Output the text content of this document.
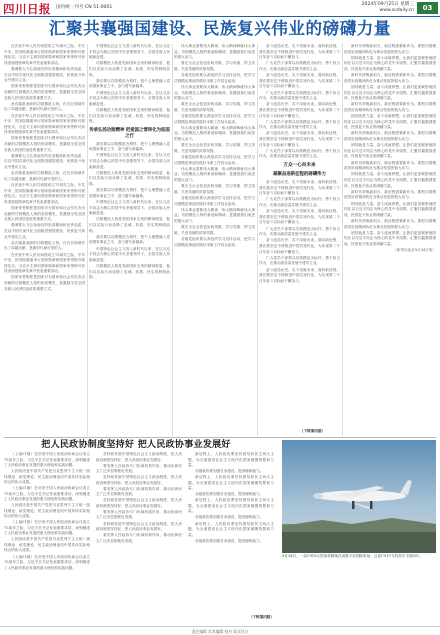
四川日报 国内统一刊号 CN 51-0001
2024年09月25日 星期三
www.scdaily.cn	03
汇聚共襄强国建设、民族复兴伟业的磅礴力量

在庆祝中华人民共和国成立75周年之际，中共中央、国务院隆重举行国家勋章和国家荣誉称号颁授仪式。习近平主席向国家勋章和国家荣誉称号获得者颁授勋章奖章并发表重要讲话。

强调要大力弘扬他们的崇高精神和优秀品质，在以中国式现代化全面推进强国建设、民族复兴伟业中建功立业。

国家荣誉制度是国家对为国家和社会作出杰出贡献的功勋模范人物的崇高褒奖，是激励全党全国各族人民团结奋进的重要方式。

此次隆重表彰的功勋模范人物，在各自领域作出了卓越贡献，是新时代最可爱的人。

在庆祝中华人民共和国成立75周年之际，中共中央、国务院隆重举行国家勋章和国家荣誉称号颁授仪式。习近平主席向国家勋章和国家荣誉称号获得者颁授勋章奖章并发表重要讲话。

国家荣誉制度是国家对为国家和社会作出杰出贡献的功勋模范人物的崇高褒奖，是激励全党全国各族人民团结奋进的重要方式。

强调要大力弘扬他们的崇高精神和优秀品质，在以中国式现代化全面推进强国建设、民族复兴伟业中建功立业。

此次隆重表彰的功勋模范人物，在各自领域作出了卓越贡献，是新时代最可爱的人。

在庆祝中华人民共和国成立75周年之际，中共中央、国务院隆重举行国家勋章和国家荣誉称号颁授仪式。习近平主席向国家勋章和国家荣誉称号获得者颁授勋章奖章并发表重要讲话。

国家荣誉制度是国家对为国家和社会作出杰出贡献的功勋模范人物的崇高褒奖，是激励全党全国各族人民团结奋进的重要方式。

强调要大力弘扬他们的崇高精神和优秀品质，在以中国式现代化全面推进强国建设、民族复兴伟业中建功立业。

此次隆重表彰的功勋模范人物，在各自领域作出了卓越贡献，是新时代最可爱的人。

在庆祝中华人民共和国成立75周年之际，中共中央、国务院隆重举行国家勋章和国家荣誉称号颁授仪式。习近平主席向国家勋章和国家荣誉称号获得者颁授勋章奖章并发表重要讲话。

国家荣誉制度是国家对为国家和社会作出杰出贡献的功勋模范人物的崇高褒奖，是激励全党全国各族人民团结奋进的重要方式。

中国特色社会主义进入新时代以来，在以习近平同志为核心的党中央坚强领导下，全国各族人民砥砺奋进。

功勋模范人物是党和国家宝贵的精神财富，他们以实际行动诠释了忠诚、执着、朴实的鲜明品格。

我们要以功勋模范为榜样，把个人理想融入党和国家事业之中，奋力谱写新篇章。

中国特色社会主义进入新时代以来，在以习近平同志为核心的党中央坚强领导下，全国各族人民砥砺奋进。

功勋模范人物是党和国家宝贵的精神财富，他们以实际行动诠释了忠诚、执着、朴实的鲜明品格。

传承弘扬功勋精神 把爱国之情转化为报国之行

我们要以功勋模范为榜样，把个人理想融入党和国家事业之中，奋力谱写新篇章。

中国特色社会主义进入新时代以来，在以习近平同志为核心的党中央坚强领导下，全国各族人民砥砺奋进。

功勋模范人物是党和国家宝贵的精神财富，他们以实际行动诠释了忠诚、执着、朴实的鲜明品格。

我们要以功勋模范为榜样，把个人理想融入党和国家事业之中，奋力谱写新篇章。

中国特色社会主义进入新时代以来，在以习近平同志为核心的党中央坚强领导下，全国各族人民砥砺奋进。

功勋模范人物是党和国家宝贵的精神财富，他们以实际行动诠释了忠诚、执着、朴实的鲜明品格。

我们要以功勋模范为榜样，把个人理想融入党和国家事业之中，奋力谱写新篇章。

中国特色社会主义进入新时代以来，在以习近平同志为核心的党中央坚强领导下，全国各族人民砥砺奋进。

功勋模范人物是党和国家宝贵的精神财富，他们以实际行动诠释了忠诚、执着、朴实的鲜明品格。

伟大事业需要伟大精神，伟大精神铸就伟大事业。功勋模范人物的事迹和精神，是激励我们前进的强大动力。

要在全社会营造崇尚英雄、学习英雄、捍卫英雄、关爱英雄的浓厚氛围。

各级党组织要认真组织学习宣传活动，把学习功勋模范事迹同做好本职工作结合起来。

伟大事业需要伟大精神，伟大精神铸就伟大事业。功勋模范人物的事迹和精神，是激励我们前进的强大动力。

要在全社会营造崇尚英雄、学习英雄、捍卫英雄、关爱英雄的浓厚氛围。

各级党组织要认真组织学习宣传活动，把学习功勋模范事迹同做好本职工作结合起来。

伟大事业需要伟大精神，伟大精神铸就伟大事业。功勋模范人物的事迹和精神，是激励我们前进的强大动力。

要在全社会营造崇尚英雄、学习英雄、捍卫英雄、关爱英雄的浓厚氛围。

各级党组织要认真组织学习宣传活动，把学习功勋模范事迹同做好本职工作结合起来。

伟大事业需要伟大精神，伟大精神铸就伟大事业。功勋模范人物的事迹和精神，是激励我们前进的强大动力。

要在全社会营造崇尚英雄、学习英雄、捍卫英雄、关爱英雄的浓厚氛围。

各级党组织要认真组织学习宣传活动，把学习功勋模范事迹同做好本职工作结合起来。

伟大事业需要伟大精神，伟大精神铸就伟大事业。功勋模范人物的事迹和精神，是激励我们前进的强大动力。

要在全社会营造崇尚英雄、学习英雄、捍卫英雄、关爱英雄的浓厚氛围。

各级党组织要认真组织学习宣传活动，把学习功勋模范事迹同做好本职工作结合起来。

奋斗创造历史，实干成就未来。面向新征程，我们要坚定不移推进中国式现代化，为实现第二个百年奋斗目标而不懈奋斗。

广大党员干部要以功勋模范为标杆，勇于担当作为，在推动高质量发展中建功立业。

奋斗创造历史，实干成就未来。面向新征程，我们要坚定不移推进中国式现代化，为实现第二个百年奋斗目标而不懈奋斗。

广大党员干部要以功勋模范为标杆，勇于担当作为，在推动高质量发展中建功立业。

奋斗创造历史，实干成就未来。面向新征程，我们要坚定不移推进中国式现代化，为实现第二个百年奋斗目标而不懈奋斗。

广大党员干部要以功勋模范为标杆，勇于担当作为，在推动高质量发展中建功立业。

奋斗创造历史，实干成就未来。面向新征程，我们要坚定不移推进中国式现代化，为实现第二个百年奋斗目标而不懈奋斗。

广大党员干部要以功勋模范为标杆，勇于担当作为，在推动高质量发展中建功立业。

万众一心向未来
凝聚奋进新征程的磅礴伟力

奋斗创造历史，实干成就未来。面向新征程，我们要坚定不移推进中国式现代化，为实现第二个百年奋斗目标而不懈奋斗。

广大党员干部要以功勋模范为标杆，勇于担当作为，在推动高质量发展中建功立业。

奋斗创造历史，实干成就未来。面向新征程，我们要坚定不移推进中国式现代化，为实现第二个百年奋斗目标而不懈奋斗。

广大党员干部要以功勋模范为标杆，勇于担当作为，在推动高质量发展中建功立业。

奋斗创造历史，实干成就未来。面向新征程，我们要坚定不移推进中国式现代化，为实现第二个百年奋斗目标而不懈奋斗。

广大党员干部要以功勋模范为标杆，勇于担当作为，在推动高质量发展中建功立业。

奋斗创造历史，实干成就未来。面向新征程，我们要坚定不移推进中国式现代化，为实现第二个百年奋斗目标而不懈奋斗。

新时代呼唤新担当，新征程需要新作为。要把功勋模范的崇高精神转化为推动发展的强大动力。

团结就是力量，奋斗成就梦想。让我们更加紧密地团结在以习近平同志为核心的党中央周围，汇聚共襄强国建设、民族复兴伟业的磅礴力量。

新时代呼唤新担当，新征程需要新作为。要把功勋模范的崇高精神转化为推动发展的强大动力。

团结就是力量，奋斗成就梦想。让我们更加紧密地团结在以习近平同志为核心的党中央周围，汇聚共襄强国建设、民族复兴伟业的磅礴力量。

新时代呼唤新担当，新征程需要新作为。要把功勋模范的崇高精神转化为推动发展的强大动力。

团结就是力量，奋斗成就梦想。让我们更加紧密地团结在以习近平同志为核心的党中央周围，汇聚共襄强国建设、民族复兴伟业的磅礴力量。

新时代呼唤新担当，新征程需要新作为。要把功勋模范的崇高精神转化为推动发展的强大动力。

团结就是力量，奋斗成就梦想。让我们更加紧密地团结在以习近平同志为核心的党中央周围，汇聚共襄强国建设、民族复兴伟业的磅礴力量。

新时代呼唤新担当，新征程需要新作为。要把功勋模范的崇高精神转化为推动发展的强大动力。

团结就是力量，奋斗成就梦想。让我们更加紧密地团结在以习近平同志为核心的党中央周围，汇聚共襄强国建设、民族复兴伟业的磅礴力量。

新时代呼唤新担当，新征程需要新作为。要把功勋模范的崇高精神转化为推动发展的强大动力。

团结就是力量，奋斗成就梦想。让我们更加紧密地团结在以习近平同志为核心的党中央周围，汇聚共襄强国建设、民族复兴伟业的磅礴力量。

新时代呼唤新担当，新征程需要新作为。要把功勋模范的崇高精神转化为推动发展的强大动力。

团结就是力量，奋斗成就梦想。让我们更加紧密地团结在以习近平同志为核心的党中央周围，汇聚共襄强国建设、民族复兴伟业的磅礴力量。

（新华社北京9月24日电）

（下转第四版）
把人民政协制度坚持好 把人民政协事业发展好

（上接01版）在庆祝中国人民政治协商会议成立75周年之际，习近平总书记发表重要讲话，深刻阐述了人民政协事业发展的重大理论和实践问题。

人民政协是中国共产党把马克思列宁主义统一战线理论、政党理论、民主政治理论同中国具体实际相结合的伟大成果。

（上接01版）在庆祝中国人民政治协商会议成立75周年之际，习近平总书记发表重要讲话，深刻阐述了人民政协事业发展的重大理论和实践问题。

人民政协是中国共产党把马克思列宁主义统一战线理论、政党理论、民主政治理论同中国具体实际相结合的伟大成果。

（上接01版）在庆祝中国人民政治协商会议成立75周年之际，习近平总书记发表重要讲话，深刻阐述了人民政协事业发展的重大理论和实践问题。

人民政协是中国共产党把马克思列宁主义统一战线理论、政党理论、民主政治理论同中国具体实际相结合的伟大成果。

（上接01版）在庆祝中国人民政治协商会议成立75周年之际，习近平总书记发表重要讲话，深刻阐述了人民政协事业发展的重大理论和实践问题。

坚持和发展中国特色社会主义政治制度，把人民政协制度坚持好，把人民政协事业发展好。

要发挥人民政协专门协商机构作用，推动协商民主广泛多层制度化发展。

坚持和发展中国特色社会主义政治制度，把人民政协制度坚持好，把人民政协事业发展好。

要发挥人民政协专门协商机构作用，推动协商民主广泛多层制度化发展。

坚持和发展中国特色社会主义政治制度，把人民政协制度坚持好，把人民政协事业发展好。

要发挥人民政协专门协商机构作用，推动协商民主广泛多层制度化发展。

坚持和发展中国特色社会主义政治制度，把人民政协制度坚持好，把人民政协事业发展好。

要发挥人民政协专门协商机构作用，推动协商民主广泛多层制度化发展。

新征程上，人民政协要坚持团结和民主两大主题，为全面建设社会主义现代化国家凝聚智慧和力量。

各级政协要加强自身建设，提高履职能力。

新征程上，人民政协要坚持团结和民主两大主题，为全面建设社会主义现代化国家凝聚智慧和力量。

各级政协要加强自身建设，提高履职能力。

新征程上，人民政协要坚持团结和民主两大主题，为全面建设社会主义现代化国家凝聚智慧和力量。

各级政协要加强自身建设，提高履职能力。

新征程上，人民政协要坚持团结和民主两大主题，为全面建设社会主义现代化国家凝聚智慧和力量。

各级政协要加强自身建设，提高履职能力。

（下转第四版）
9月24日，一架C919大型客机降落在成都天府国际机场，这是C919飞机首次飞抵四川。
责任编辑 美术编辑 校对 版式设计
